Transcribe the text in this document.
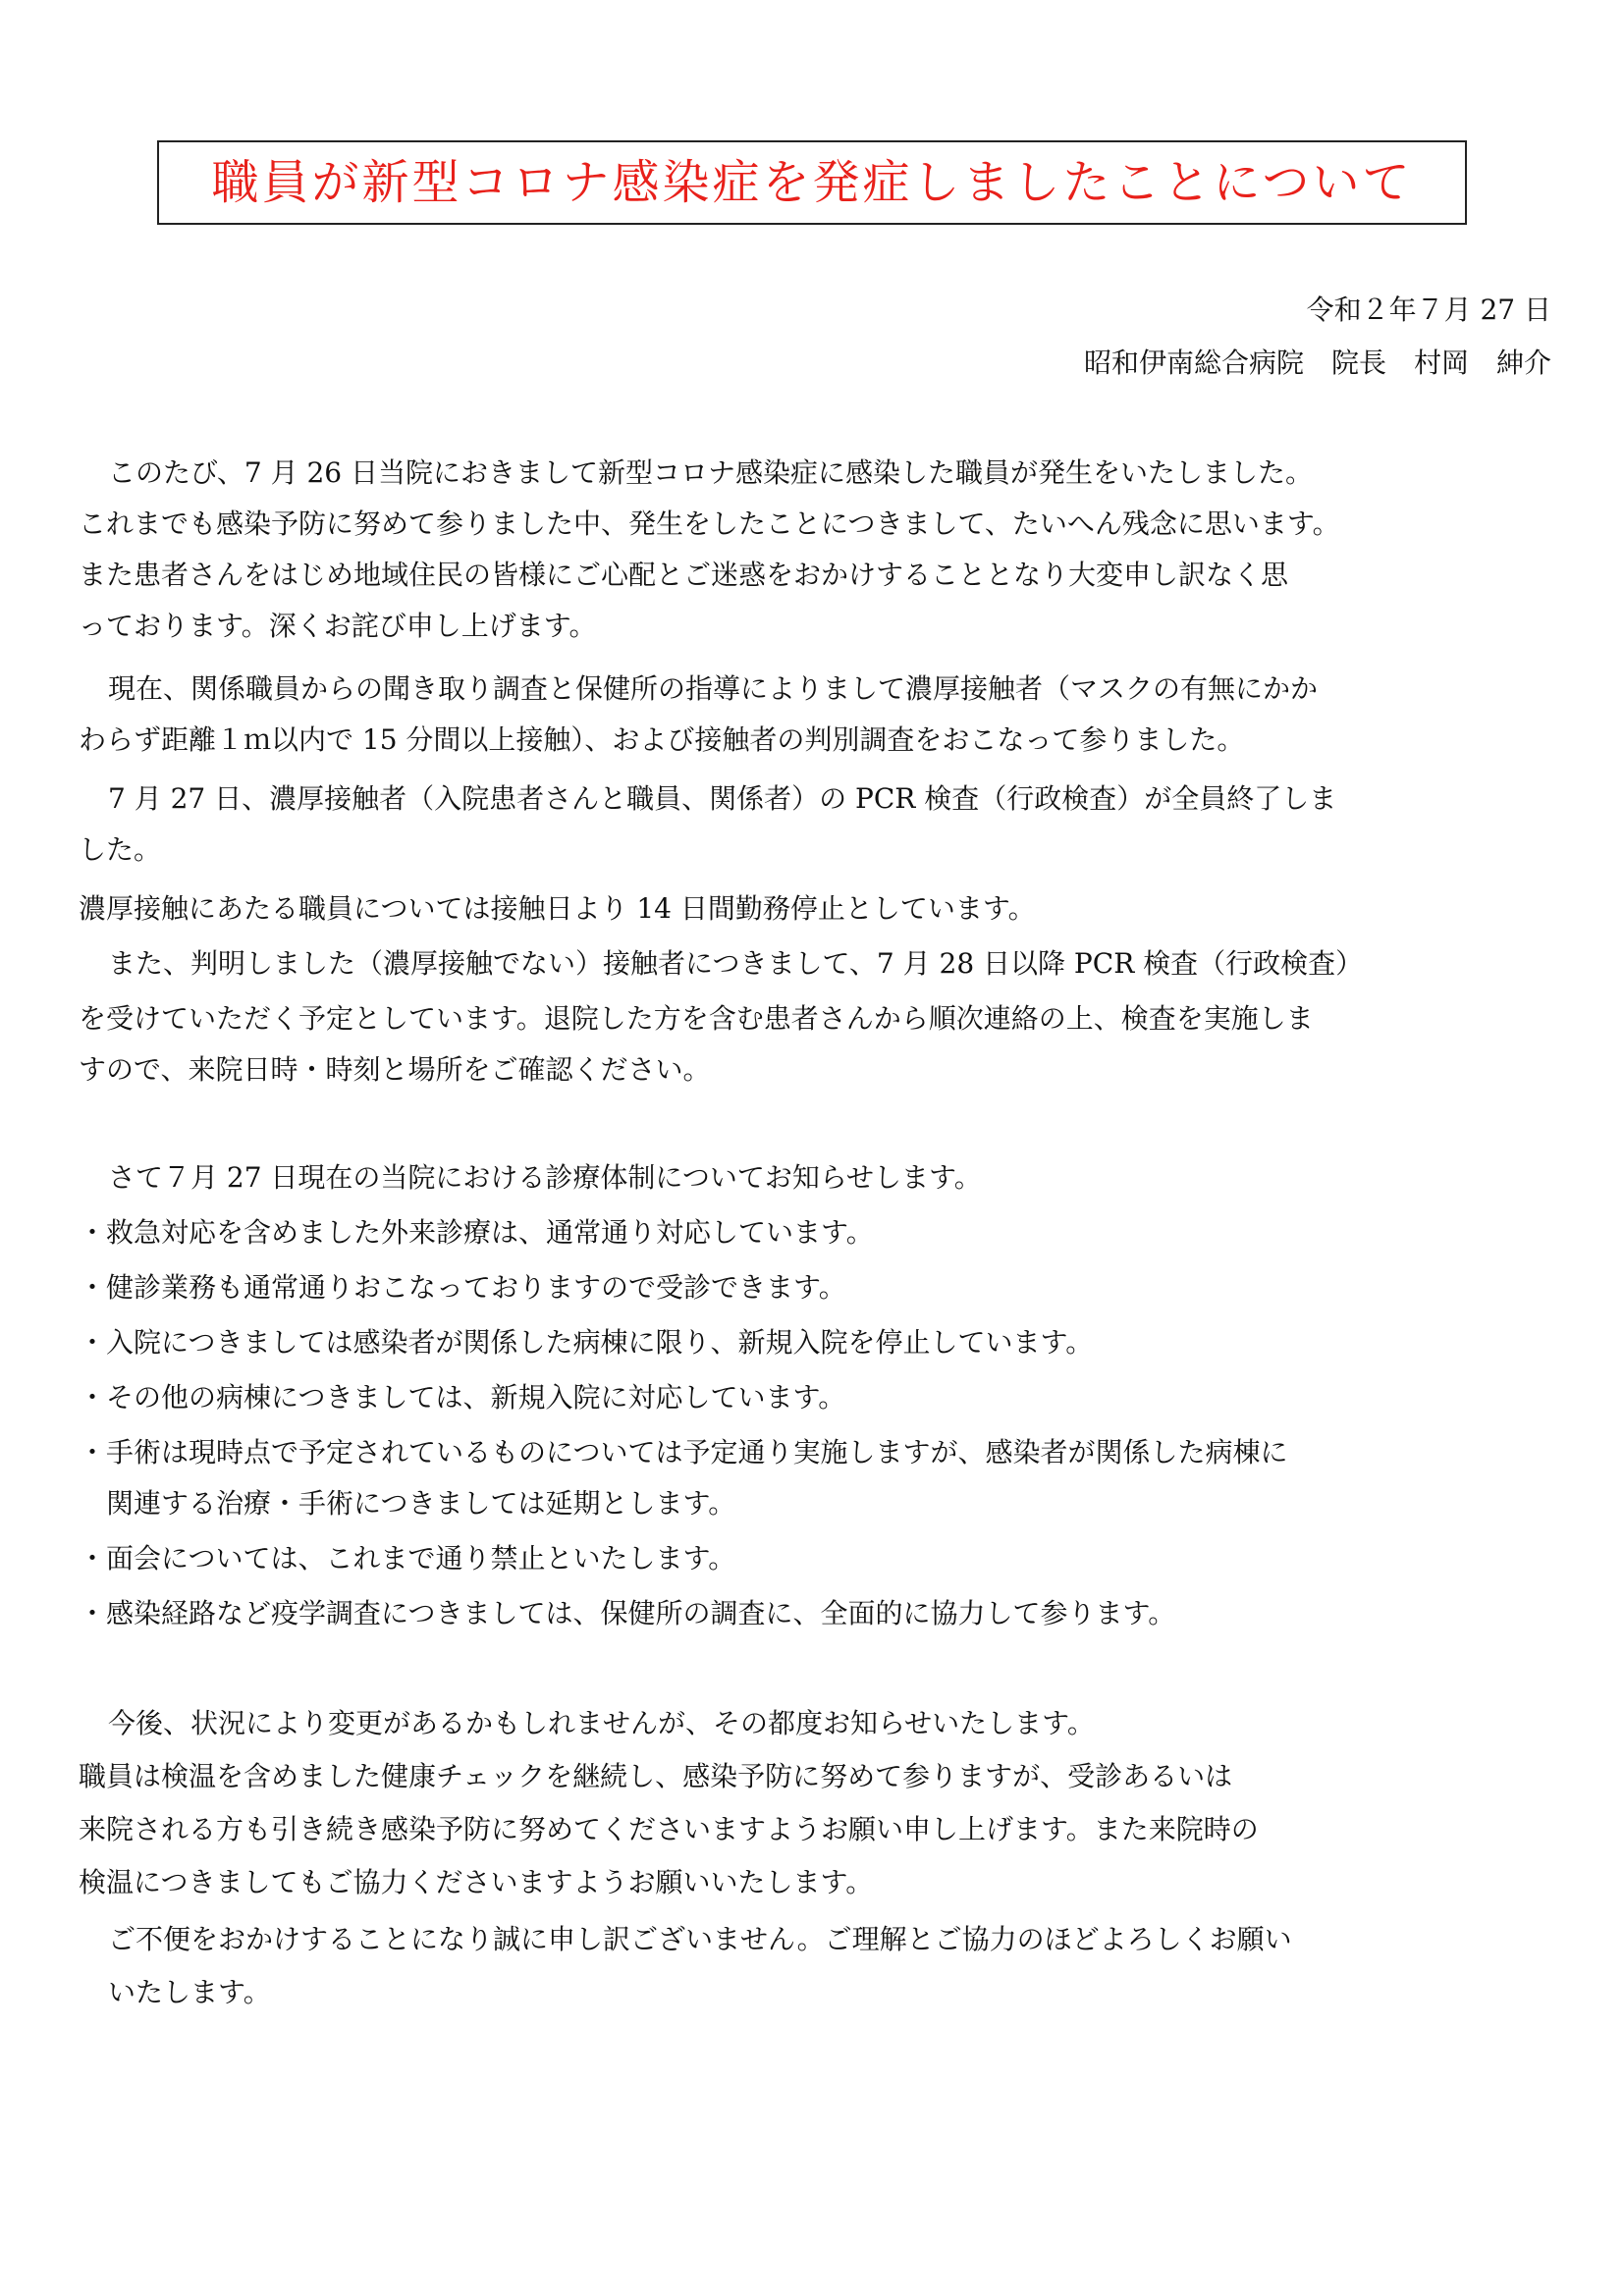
職員が新型コロナ感染症を発症しましたことについて
令和２年７月 27 日
昭和伊南総合病院　院長　村岡　紳介
このたび、7 月 26 日当院におきまして新型コロナ感染症に感染した職員が発生をいたしました。
これまでも感染予防に努めて参りました中、発生をしたことにつきまして、たいへん残念に思います。
また患者さんをはじめ地域住民の皆様にご心配とご迷惑をおかけすることとなり大変申し訳なく思
っております。深くお詫び申し上げます。
現在、関係職員からの聞き取り調査と保健所の指導によりまして濃厚接触者（マスクの有無にかか
わらず距離１ｍ以内で 15 分間以上接触）、および接触者の判別調査をおこなって参りました。
7 月 27 日、濃厚接触者（入院患者さんと職員、関係者）の PCR 検査（行政検査）が全員終了しま
した。
濃厚接触にあたる職員については接触日より 14 日間勤務停止としています。
また、判明しました（濃厚接触でない）接触者につきまして、7 月 28 日以降 PCR 検査（行政検査）
を受けていただく予定としています。退院した方を含む患者さんから順次連絡の上、検査を実施しま
すので、来院日時・時刻と場所をご確認ください。
さて７月 27 日現在の当院における診療体制についてお知らせします。
・救急対応を含めました外来診療は、通常通り対応しています。
・健診業務も通常通りおこなっておりますので受診できます。
・入院につきましては感染者が関係した病棟に限り、新規入院を停止しています。
・その他の病棟につきましては、新規入院に対応しています。
・手術は現時点で予定されているものについては予定通り実施しますが、感染者が関係した病棟に
関連する治療・手術につきましては延期とします。
・面会については、これまで通り禁止といたします。
・感染経路など疫学調査につきましては、保健所の調査に、全面的に協力して参ります。
今後、状況により変更があるかもしれませんが、その都度お知らせいたします。
職員は検温を含めました健康チェックを継続し、感染予防に努めて参りますが、受診あるいは
来院される方も引き続き感染予防に努めてくださいますようお願い申し上げます。また来院時の
検温につきましてもご協力くださいますようお願いいたします。
ご不便をおかけすることになり誠に申し訳ございません。ご理解とご協力のほどよろしくお願い
いたします。
